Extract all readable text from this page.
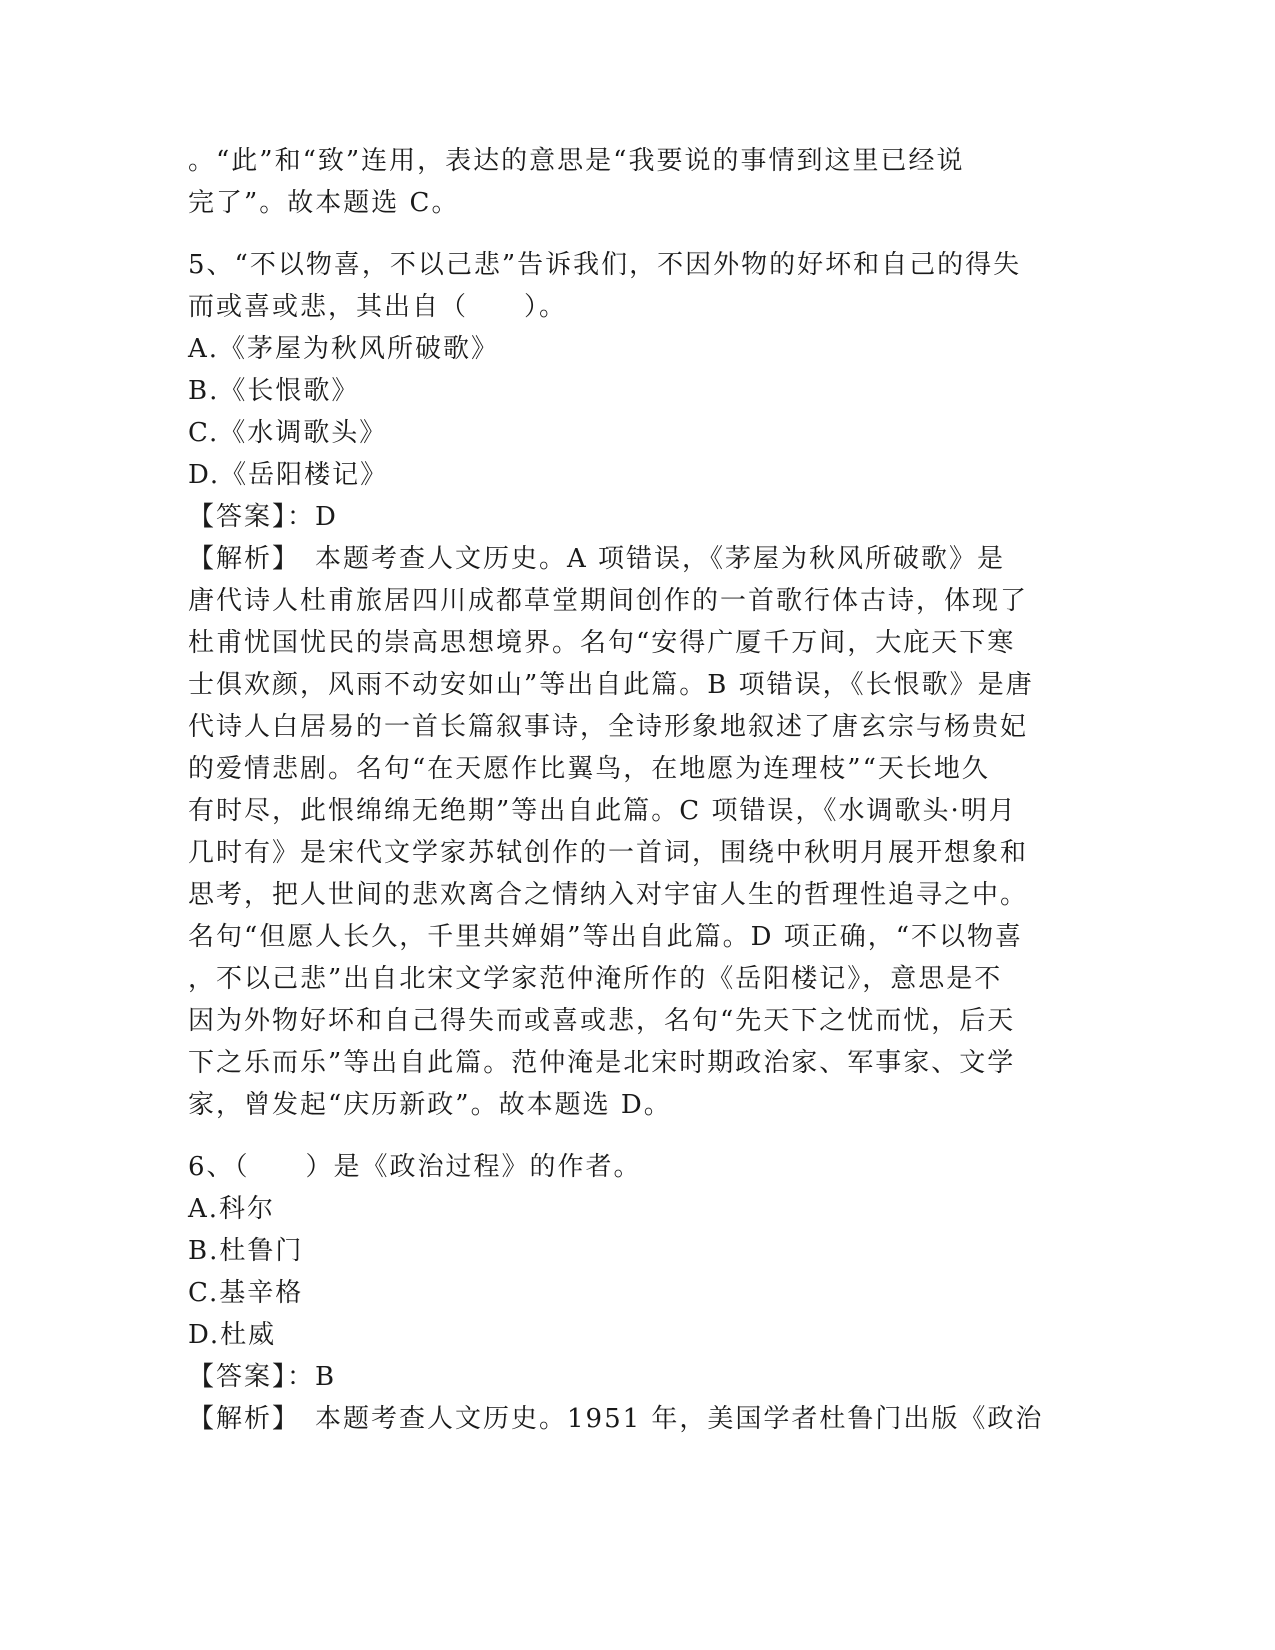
。“此”和“致”连用，表达的意思是“我要说的事情到这里已经说
完了”。故本题选 C。
5、“不以物喜，不以己悲”告诉我们，不因外物的好坏和自己的得失
而或喜或悲，其出自（　　）。
A.《茅屋为秋风所破歌》
B.《长恨歌》
C.《水调歌头》
D.《岳阳楼记》
【答案】：D
【解析】　本题考查人文历史。A 项错误，《茅屋为秋风所破歌》是
唐代诗人杜甫旅居四川成都草堂期间创作的一首歌行体古诗，体现了
杜甫忧国忧民的崇高思想境界。名句“安得广厦千万间，大庇天下寒
士俱欢颜，风雨不动安如山”等出自此篇。B 项错误，《长恨歌》是唐
代诗人白居易的一首长篇叙事诗，全诗形象地叙述了唐玄宗与杨贵妃
的爱情悲剧。名句“在天愿作比翼鸟，在地愿为连理枝”“天长地久
有时尽，此恨绵绵无绝期”等出自此篇。C 项错误，《水调歌头·明月
几时有》是宋代文学家苏轼创作的一首词，围绕中秋明月展开想象和
思考，把人世间的悲欢离合之情纳入对宇宙人生的哲理性追寻之中。
名句“但愿人长久，千里共婵娟”等出自此篇。D 项正确，“不以物喜
，不以己悲”出自北宋文学家范仲淹所作的《岳阳楼记》，意思是不
因为外物好坏和自己得失而或喜或悲，名句“先天下之忧而忧，后天
下之乐而乐”等出自此篇。范仲淹是北宋时期政治家、军事家、文学
家，曾发起“庆历新政”。故本题选 D。
6、（　　）是《政治过程》的作者。
A.科尔
B.杜鲁门
C.基辛格
D.杜威
【答案】：B
【解析】　本题考查人文历史。1951 年，美国学者杜鲁门出版《政治
